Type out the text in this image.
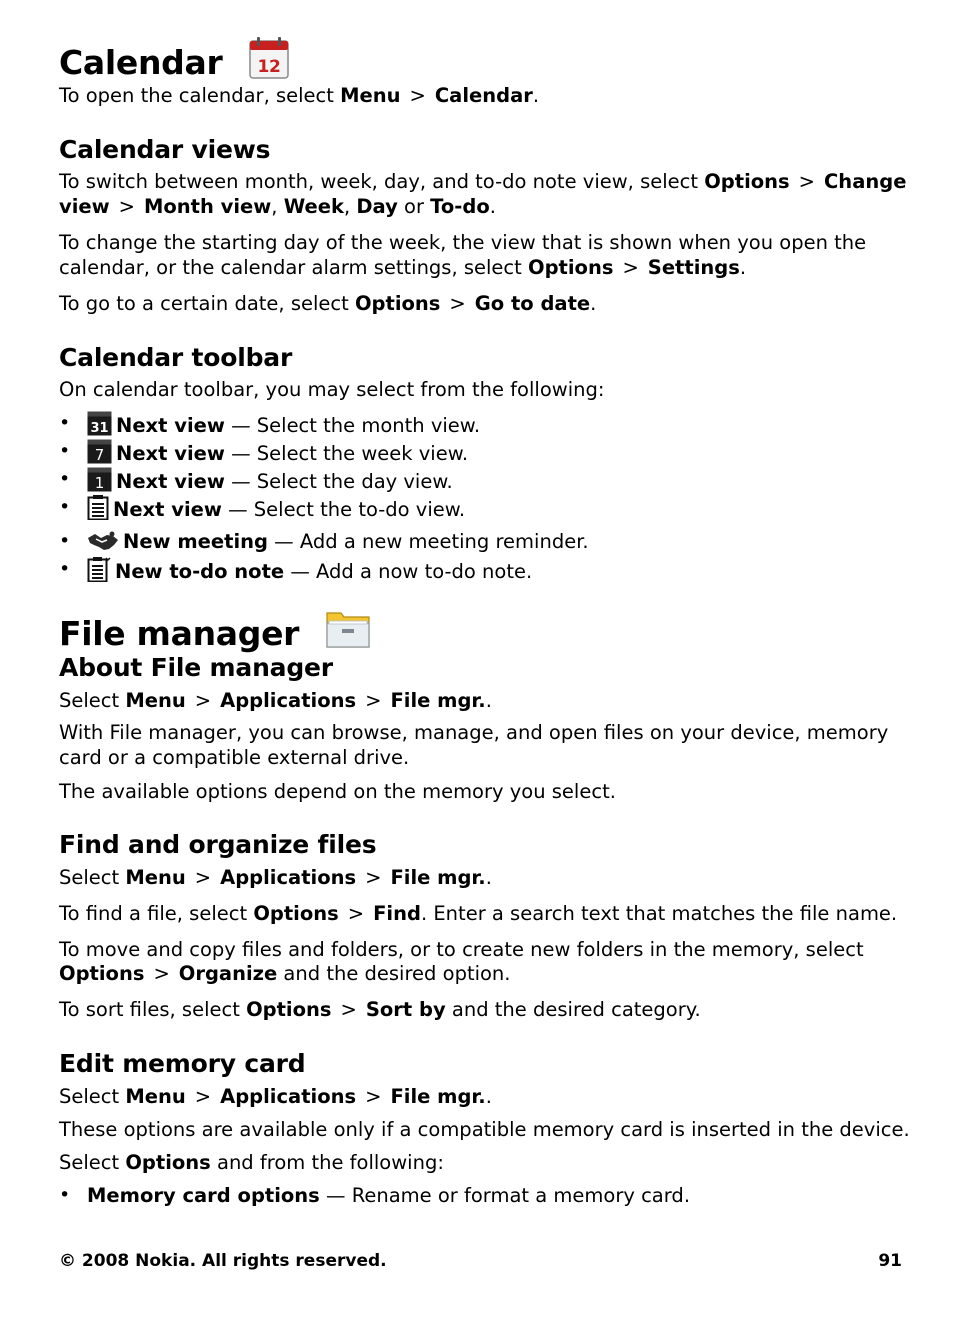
Calendar 12
To open the calendar, select Menu > Calendar.
Calendar views
To switch between month, week, day, and to-do note view, select Options > Change
view > Month view, Week, Day or To-do.
To change the starting day of the week, the view that is shown when you open the
calendar, or the calendar alarm settings, select Options > Settings.
To go to a certain date, select Options > Go to date.
Calendar toolbar
On calendar toolbar, you may select from the following:
• 31 Next view — Select the month view.
• 7 Next view — Select the week view.
• 1 Next view — Select the day view.
•	Next view — Select the to-do view.
•	New meeting — Add a new meeting reminder.
•	New to-do note — Add a now to-do note.
File manager
About File manager
Select Menu > Applications > File mgr..
With File manager, you can browse, manage, and open files on your device, memory
card or a compatible external drive.
The available options depend on the memory you select.
Find and organize files
Select Menu > Applications > File mgr..
To find a file, select Options > Find. Enter a search text that matches the file name.
To move and copy files and folders, or to create new folders in the memory, select
Options > Organize and the desired option.
To sort files, select Options > Sort by and the desired category.
Edit memory card
Select Menu > Applications > File mgr..
These options are available only if a compatible memory card is inserted in the device.
Select Options and from the following:
• Memory card options — Rename or format a memory card.
© 2008 Nokia. All rights reserved.	91
